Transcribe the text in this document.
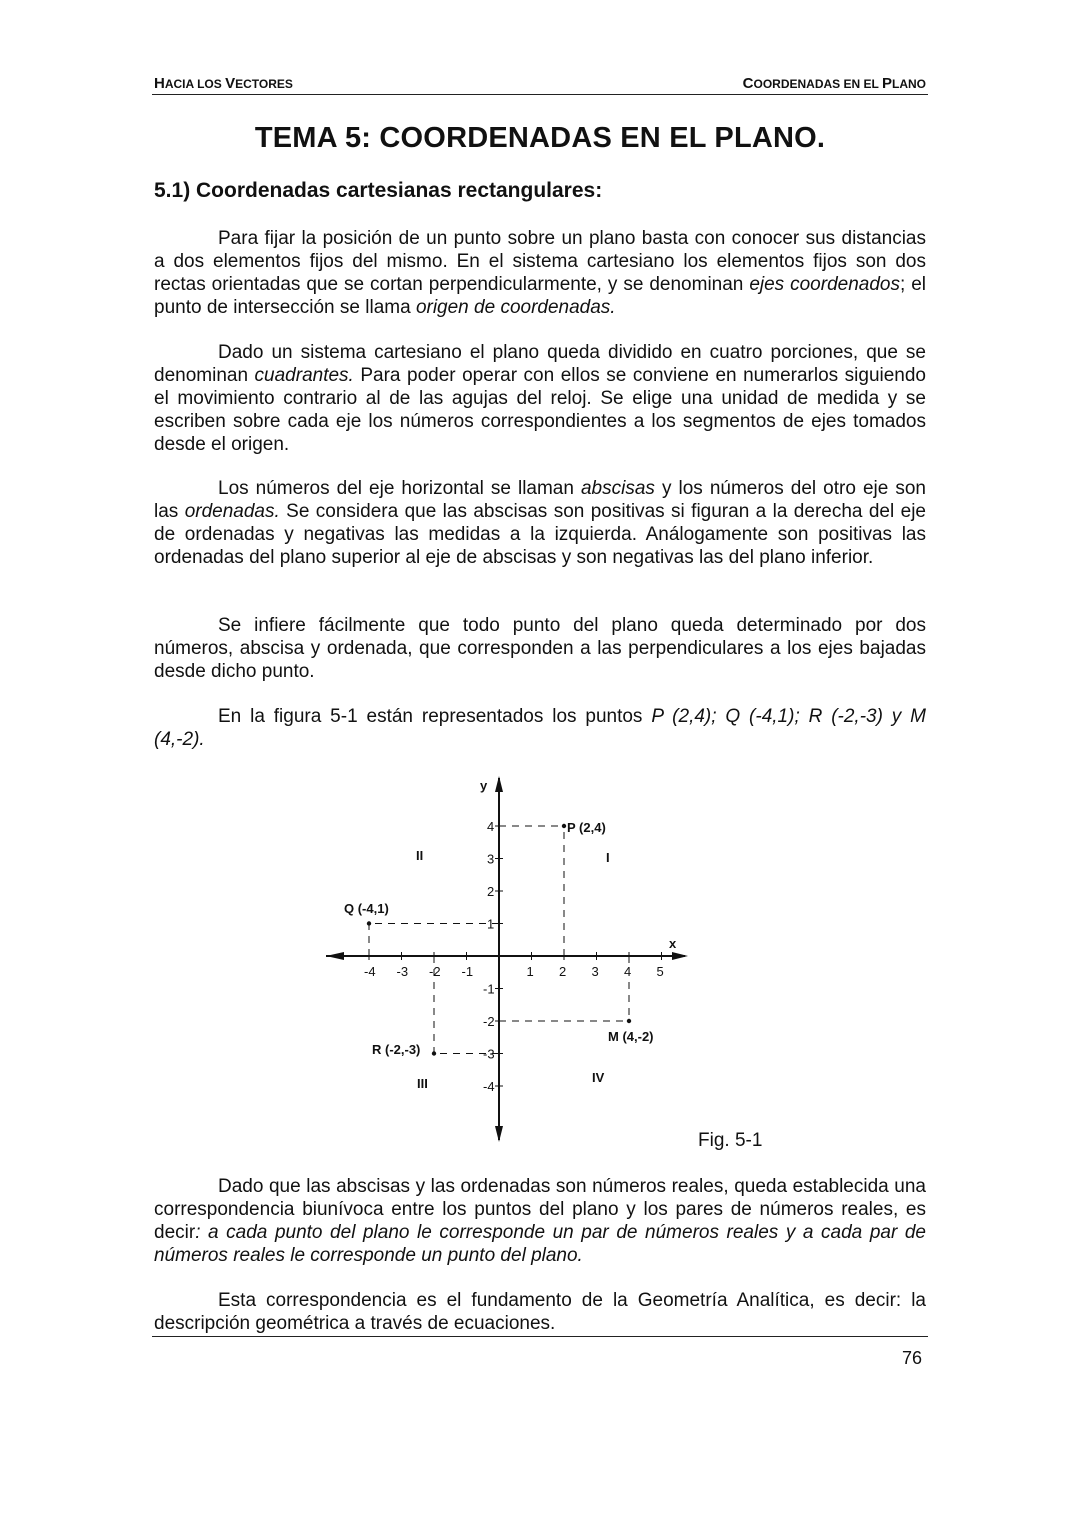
HACIA LOS VECTORES	COORDENADAS EN EL PLANO
TEMA 5: COORDENADAS EN EL PLANO.
5.1) Coordenadas cartesianas rectangulares:

Para fijar la posición de un punto sobre un plano basta con conocer sus distancias a dos elementos fijos del mismo. En el sistema cartesiano los elementos fijos son dos rectas orientadas que se cortan perpendicularmente, y se denominan ejes coordenados; el punto de intersección se llama origen de coordenadas.

Dado un sistema cartesiano el plano queda dividido en cuatro porciones, que se denominan cuadrantes. Para poder operar con ellos se conviene en numerarlos siguiendo el movimiento contrario al de las agujas del reloj. Se elige una unidad de medida y se escriben sobre cada eje los números correspondientes a los segmentos de ejes tomados desde el origen.

Los números del eje horizontal se llaman abscisas y los números del otro eje son las ordenadas. Se considera que las abscisas son positivas si figuran a la derecha del eje de ordenadas y negativas las medidas a la izquierda. Análogamente son positivas las ordenadas del plano superior al eje de abscisas y son negativas las del plano inferior.

Se infiere fácilmente que todo punto del plano queda determinado por dos números, abscisa y ordenada, que corresponden a las perpendiculares a los ejes bajadas desde dicho punto.

En la figura 5-1 están representados los puntos P (2,4); Q (-4,1); R (-2,-3) y M (4,-2).

-4 -3 -2 -1	1 2 3 4 5
4
3
2
1
-1
-2
-3
-4
x
y
I
II
III	IV
P (2,4)
Q (-4,1)
R (-2,-3)
M (4,-2)
Fig. 5-1

Dado que las abscisas y las ordenadas son números reales, queda establecida una correspondencia biunívoca entre los puntos del plano y los pares de números reales, es decir: a cada punto del plano le corresponde un par de números reales y a cada par de números reales le corresponde un punto del plano.

Esta correspondencia es el fundamento de la Geometría Analítica, es decir: la descripción geométrica a través de ecuaciones.

76
